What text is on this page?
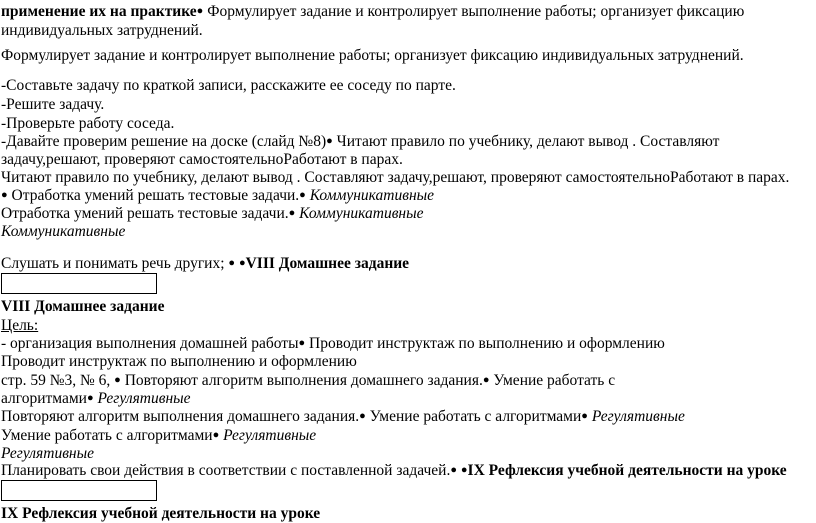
применение их на практике● Формулирует задание и контролирует выполнение работы; организует фиксацию
индивидуальных затруднений.
Формулирует задание и контролирует выполнение работы; организует фиксацию индивидуальных затруднений.
-Составьте задачу по краткой записи, расскажите ее соседу по парте.
-Решите задачу.
-Проверьте работу соседа.
-Давайте проверим решение на доске (слайд №8)● Читают правило по учебнику, делают вывод . Составляют
задачу,решают, проверяют самостоятельноРаботают в парах.
Читают правило по учебнику, делают вывод . Составляют задачу,решают, проверяют самостоятельноРаботают в парах.
● Отработка умений решать тестовые задачи.● Коммуникативные
Отработка умений решать тестовые задачи.● Коммуникативные
Коммуникативные
Слушать и понимать речь других; ● ●VIII Домашнее задание
VIII Домашнее задание
Цель:
- организация выполнения домашней работы● Проводит инструктаж по выполнению и оформлению
Проводит инструктаж по выполнению и оформлению
стр. 59 №3, № 6, ● Повторяют алгоритм выполнения домашнего задания.● Умение работать с
алгоритмами● Регулятивные
Повторяют алгоритм выполнения домашнего задания.● Умение работать с алгоритмами● Регулятивные
Умение работать с алгоритмами● Регулятивные
Регулятивные
Планировать свои действия в соответствии с поставленной задачей.● ●IX Рефлексия учебной деятельности на уроке
IX Рефлексия учебной деятельности на уроке
